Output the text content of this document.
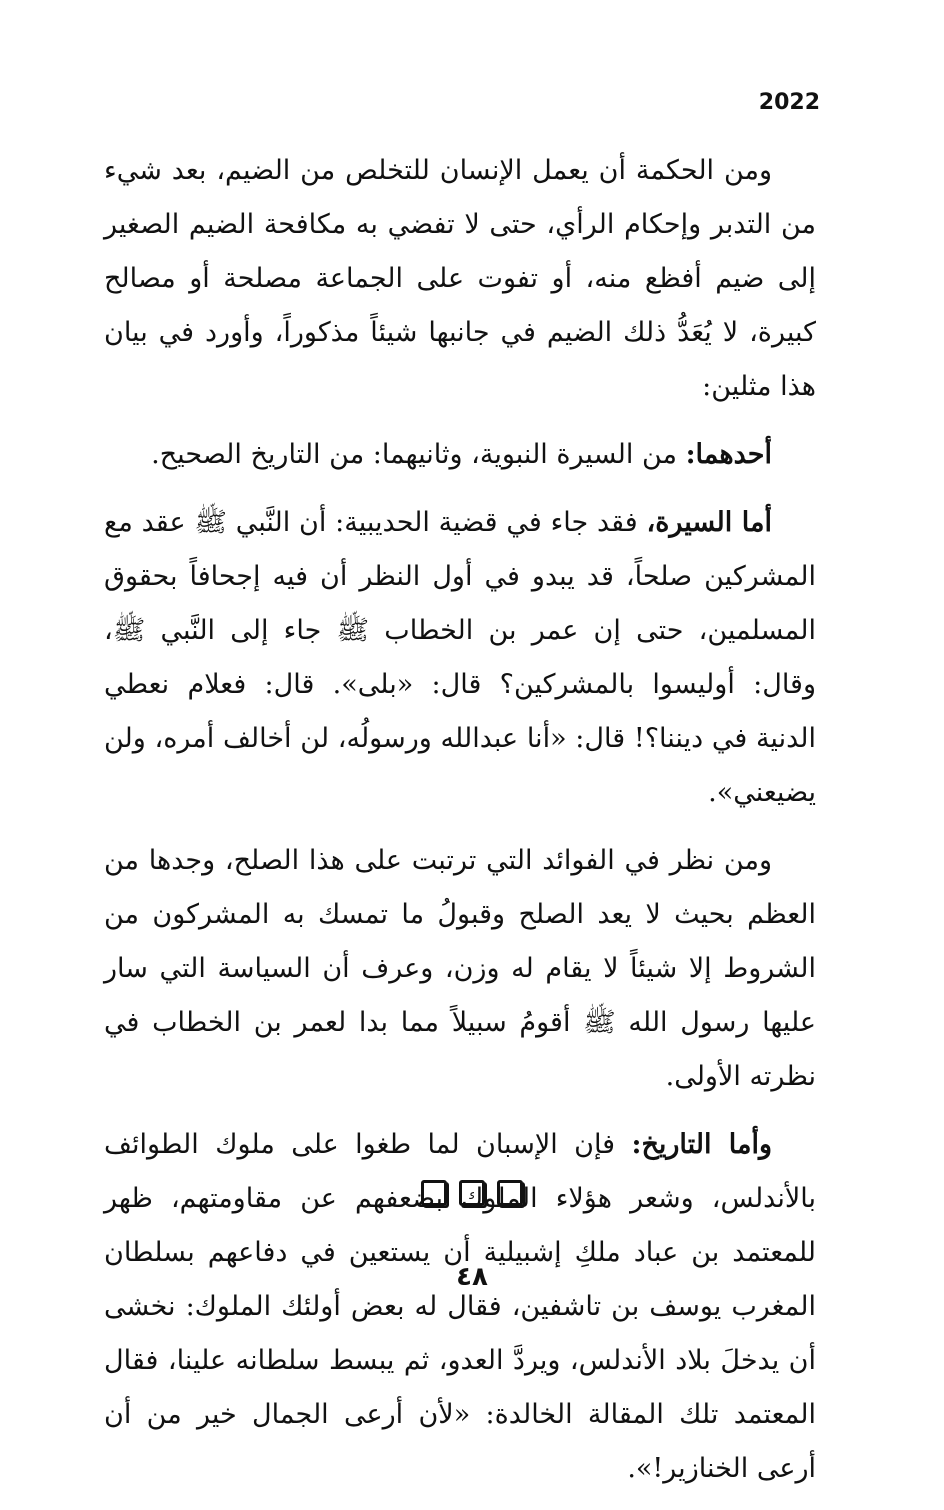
2022

ومن الحكمة أن يعمل الإنسان للتخلص من الضيم، بعد شيء من التدبر وإحكام الرأي، حتى لا تفضي به مكافحة الضيم الصغير إلى ضيم أفظع منه، أو تفوت على الجماعة مصلحة أو مصالح كبيرة، لا يُعَدُّ ذلك الضيم في جانبها شيئاً مذكوراً، وأورد في بيان هذا مثلين:

أحدهما: من السيرة النبوية، وثانيهما: من التاريخ الصحيح.

أما السيرة، فقد جاء في قضية الحديبية: أن النَّبي ﷺ عقد مع المشركين صلحاً، قد يبدو في أول النظر أن فيه إجحافاً بحقوق المسلمين، حتى إن عمر بن الخطاب ﷺ جاء إلى النَّبي ﷺ، وقال: أوليسوا بالمشركين؟ قال: «بلى». قال: فعلام نعطي الدنية في ديننا؟! قال: «أنا عبدالله ورسولُه، لن أخالف أمره، ولن يضيعني».

ومن نظر في الفوائد التي ترتبت على هذا الصلح، وجدها من العظم بحيث لا يعد الصلح وقبولُ ما تمسك به المشركون من الشروط إلا شيئاً لا يقام له وزن، وعرف أن السياسة التي سار عليها رسول الله ﷺ أقومُ سبيلاً مما بدا لعمر بن الخطاب في نظرته الأولى.

وأما التاريخ: فإن الإسبان لما طغوا على ملوك الطوائف بالأندلس، وشعر هؤلاء الملوك بضعفهم عن مقاومتهم، ظهر للمعتمد بن عباد ملكِ إشبيلية أن يستعين في دفاعهم بسلطان المغرب يوسف بن تاشفين، فقال له بعض أولئك الملوك: نخشى أن يدخلَ بلاد الأندلس، ويردَّ العدو، ثم يبسط سلطانه علينا، فقال المعتمد تلك المقالة الخالدة: «لأن أرعى الجمال خير من أن أرعى الخنازير!».

٤٨
